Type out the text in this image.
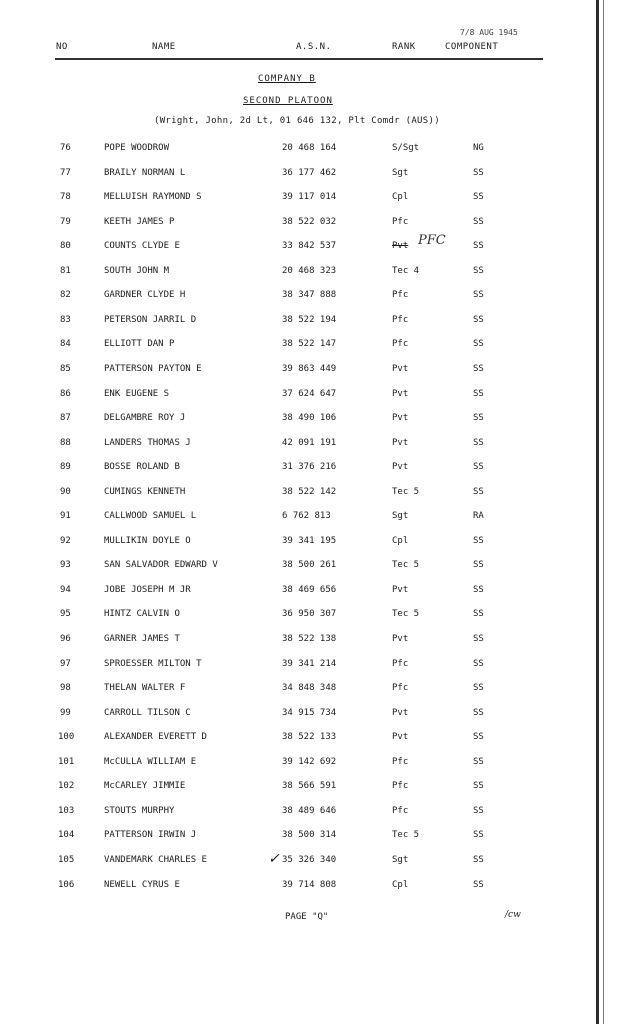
7/8 AUG 1945
NO	NAME	A.S.N.	RANK	COMPONENT
COMPANY B
SECOND PLATOON
(Wright, John, 2d Lt, 01 646 132, Plt Comdr (AUS))
76	POPE WOODROW	20 468 164	S/Sgt	NG
77	BRAILY NORMAN L	36 177 462	Sgt	SS
78	MELLUISH RAYMOND S	39 117 014	Cpl	SS
79	KEETH JAMES P	38 522 032	Pfc	SS
80	COUNTS CLYDE E	33 842 537	Pvt	SS
81	SOUTH JOHN M	20 468 323	Tec 4	SS
82	GARDNER CLYDE H	38 347 888	Pfc	SS
83	PETERSON JARRIL D	38 522 194	Pfc	SS
84	ELLIOTT DAN P	38 522 147	Pfc	SS
85	PATTERSON PAYTON E	39 863 449	Pvt	SS
86	ENK EUGENE S	37 624 647	Pvt	SS
87	DELGAMBRE ROY J	38 490 106	Pvt	SS
88	LANDERS THOMAS J	42 091 191	Pvt	SS
89	BOSSE ROLAND B	31 376 216	Pvt	SS
90	CUMINGS KENNETH	38 522 142	Tec 5	SS
91	CALLWOOD SAMUEL L	6 762 813	Sgt	RA
92	MULLIKIN DOYLE O	39 341 195	Cpl	SS
93	SAN SALVADOR EDWARD V	38 500 261	Tec 5	SS
94	JOBE JOSEPH M JR	38 469 656	Pvt	SS
95	HINTZ CALVIN O	36 950 307	Tec 5	SS
96	GARNER JAMES T	38 522 138	Pvt	SS
97	SPROESSER MILTON T	39 341 214	Pfc	SS
98	THELAN WALTER F	34 848 348	Pfc	SS
99	CARROLL TILSON C	34 915 734	Pvt	SS
100	ALEXANDER EVERETT D	38 522 133	Pvt	SS
101	McCULLA WILLIAM E	39 142 692	Pfc	SS
102	McCARLEY JIMMIE	38 566 591	Pfc	SS
103	STOUTS MURPHY	38 489 646	Pfc	SS
104	PATTERSON IRWIN J	38 500 314	Tec 5	SS
105	VANDEMARK CHARLES E	35 326 340	Sgt	SS
106	NEWELL CYRUS E	39 714 808	Cpl	SS
PFC
✓
PAGE "Q"	/cw
